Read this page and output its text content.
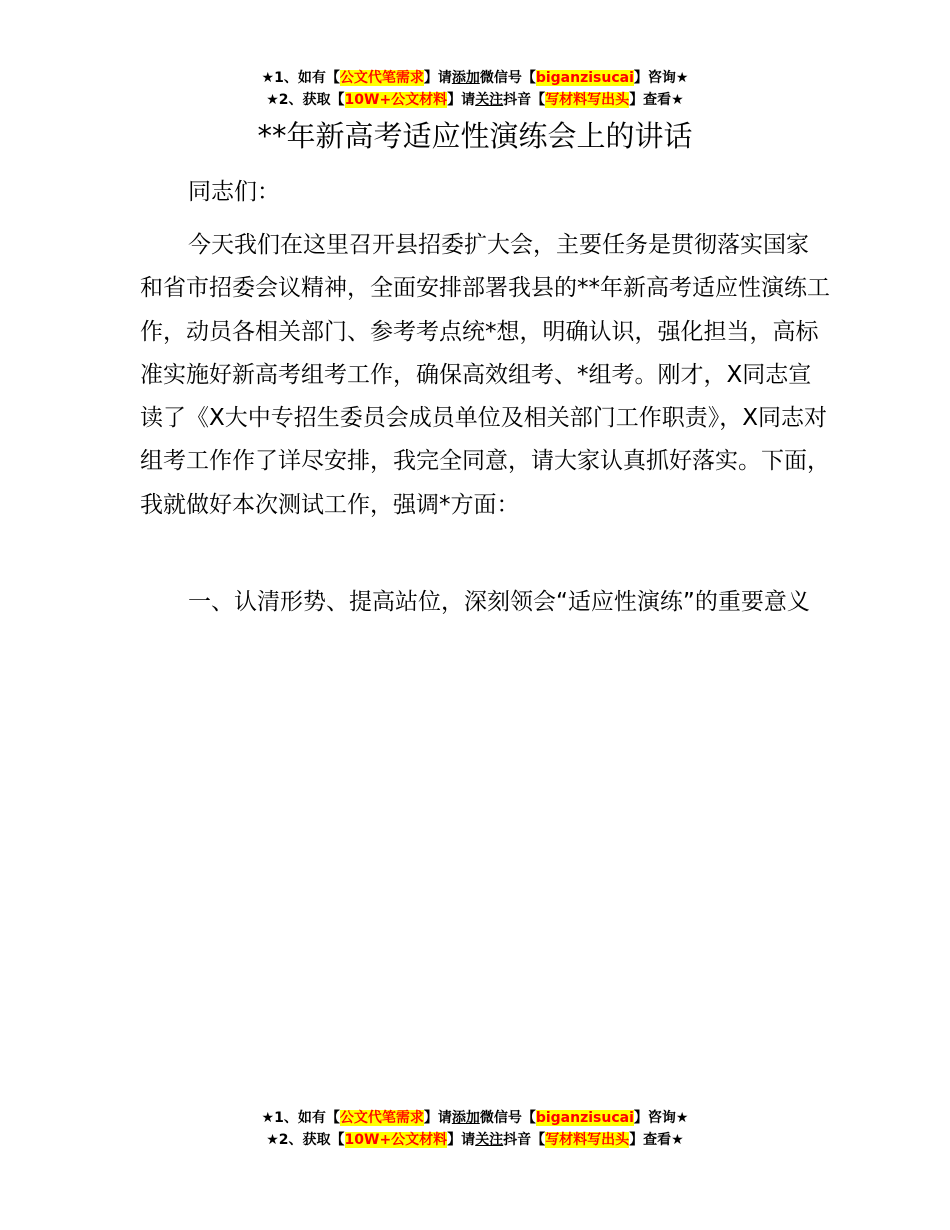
★1、如有【公文代笔需求】请添加微信号【biganzisucai】咨询★
★2、获取【10W+公文材料】请关注抖音【写材料写出头】查看★
**年新高考适应性演练会上的讲话
同志们：

今天我们在这里召开县招委扩大会，主要任务是贯彻落实国家和省市招委会议精神，全面安排部署我县的**年新高考适应性演练工作，动员各相关部门、参考考点统*想，明确认识，强化担当，高标准实施好新高考组考工作，确保高效组考、*组考。刚才，X同志宣读了《X大中专招生委员会成员单位及相关部门工作职责》，X同志对组考工作作了详尽安排，我完全同意，请大家认真抓好落实。下面，我就做好本次测试工作，强调*方面：

一、认清形势、提高站位，深刻领会“适应性演练”的重要意义

★1、如有【公文代笔需求】请添加微信号【biganzisucai】咨询★
★2、获取【10W+公文材料】请关注抖音【写材料写出头】查看★
